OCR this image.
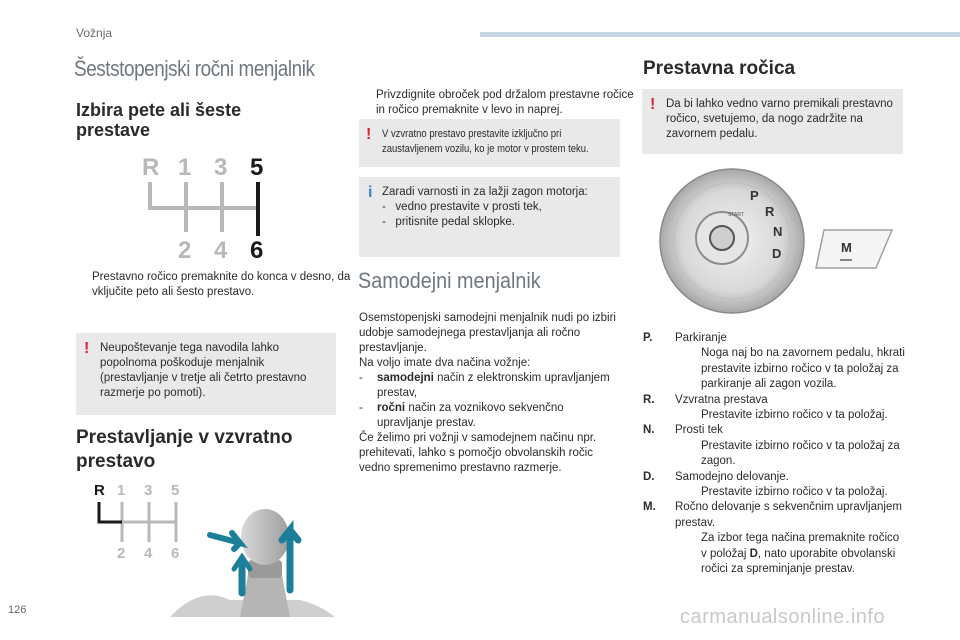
Vožnja
Šeststopenjski ročni menjalnik
Izbira pete ali šeste prestave
R 1 3 5
2 4 6
Prestavno ročico premaknite do konca v desno, da vključite peto ali šesto prestavo.
! Neupoštevanje tega navodila lahko popolnoma poškoduje menjalnik (prestavljanje v tretje ali četrto prestavno razmerje po pomoti).
Prestavljanje v vzvratno prestavo
R 1 3 5
2 4 6
Privzdignite obroček pod držalom prestavne ročice in ročico premaknite v levo in naprej.
! V vzvratno prestavo prestavite izključno pri
zaustavljenem vozilu, ko je motor v prostem teku.
i Zaradi varnosti in za lažji zagon motorja:
-   vedno prestavite v prosti tek,
-   pritisnite pedal sklopke.
Samodejni menjalnik
Osemstopenjski samodejni menjalnik nudi po izbiri udobje samodejnega prestavljanja ali ročno prestavljanje.
Na voljo imate dva načina vožnje:
- samodejni način z elektronskim upravljanjem prestav,
- ročni način za voznikovo sekvenčno upravljanje prestav.
Če želimo pri vožnji v samodejnem načinu npr. prehitevati, lahko s pomočjo obvolanskih ročic vedno spremenimo prestavno razmerje.
Prestavna ročica
! Da bi lahko vedno varno premikali prestavno ročico, svetujemo, da nogo zadržite na zavornem pedalu.
P
R
N
D
START
M
P. Parkiranje
Noga naj bo na zavornem pedalu, hkrati prestavite izbirno ročico v ta položaj za parkiranje ali zagon vozila.
R. Vzvratna prestava
Prestavite izbirno ročico v ta položaj.
N. Prosti tek
Prestavite izbirno ročico v ta položaj za zagon.
D. Samodejno delovanje.
Prestavite izbirno ročico v ta položaj.
M. Ročno delovanje s sekvenčnim upravljanjem prestav.
Za izbor tega načina premaknite ročico v položaj D, nato uporabite obvolanski ročici za spreminjanje prestav.
126	carmanualsonline.info
